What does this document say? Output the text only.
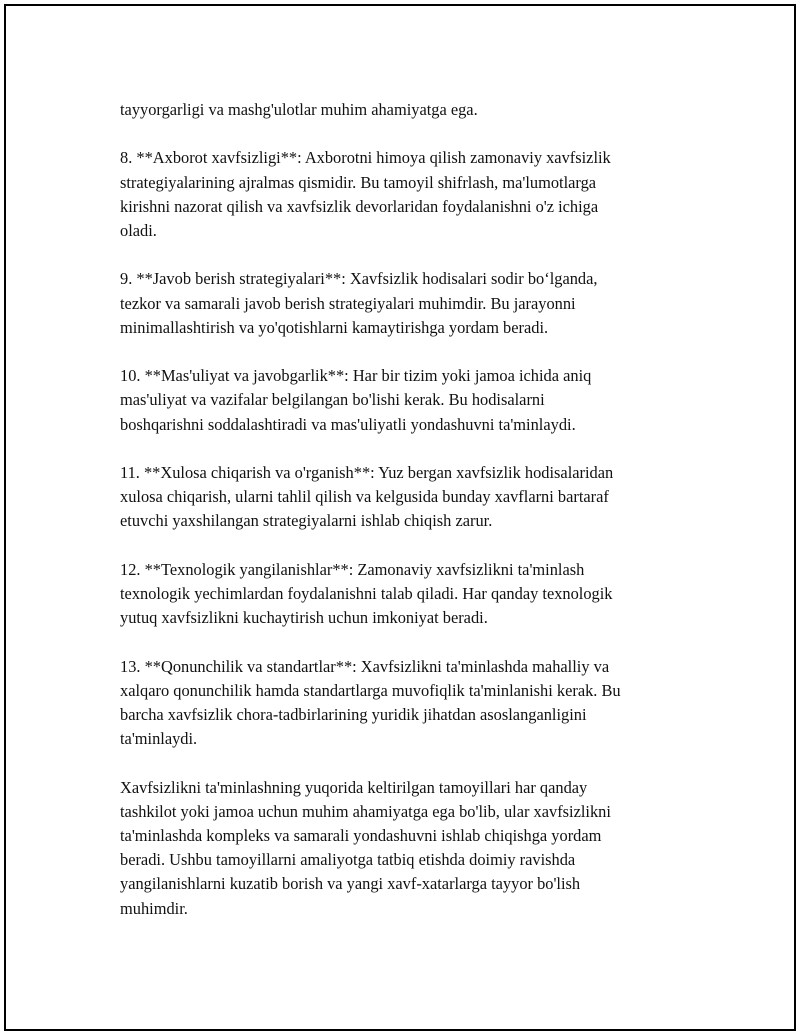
tayyorgarligi va mashg'ulotlar muhim ahamiyatga ega.

8. **Axborot xavfsizligi**: Axborotni himoya qilish zamonaviy xavfsizlik
strategiyalarining ajralmas qismidir. Bu tamoyil shifrlash, ma'lumotlarga
kirishni nazorat qilish va xavfsizlik devorlaridan foydalanishni o'z ichiga
oladi.

9. **Javob berish strategiyalari**: Xavfsizlik hodisalari sodir bo‘lganda,
tezkor va samarali javob berish strategiyalari muhimdir. Bu jarayonni
minimallashtirish va yo'qotishlarni kamaytirishga yordam beradi.

10. **Mas'uliyat va javobgarlik**: Har bir tizim yoki jamoa ichida aniq
mas'uliyat va vazifalar belgilangan bo'lishi kerak. Bu hodisalarni
boshqarishni soddalashtiradi va mas'uliyatli yondashuvni ta'minlaydi.

11. **Xulosa chiqarish va o'rganish**: Yuz bergan xavfsizlik hodisalaridan
xulosa chiqarish, ularni tahlil qilish va kelgusida bunday xavflarni bartaraf
etuvchi yaxshilangan strategiyalarni ishlab chiqish zarur.

12. **Texnologik yangilanishlar**: Zamonaviy xavfsizlikni ta'minlash
texnologik yechimlardan foydalanishni talab qiladi. Har qanday texnologik
yutuq xavfsizlikni kuchaytirish uchun imkoniyat beradi.

13. **Qonunchilik va standartlar**: Xavfsizlikni ta'minlashda mahalliy va
xalqaro qonunchilik hamda standartlarga muvofiqlik ta'minlanishi kerak. Bu
barcha xavfsizlik chora-tadbirlarining yuridik jihatdan asoslanganligini
ta'minlaydi.

Xavfsizlikni ta'minlashning yuqorida keltirilgan tamoyillari har qanday
tashkilot yoki jamoa uchun muhim ahamiyatga ega bo'lib, ular xavfsizlikni
ta'minlashda kompleks va samarali yondashuvni ishlab chiqishga yordam
beradi. Ushbu tamoyillarni amaliyotga tatbiq etishda doimiy ravishda
yangilanishlarni kuzatib borish va yangi xavf-xatarlarga tayyor bo'lish
muhimdir.
